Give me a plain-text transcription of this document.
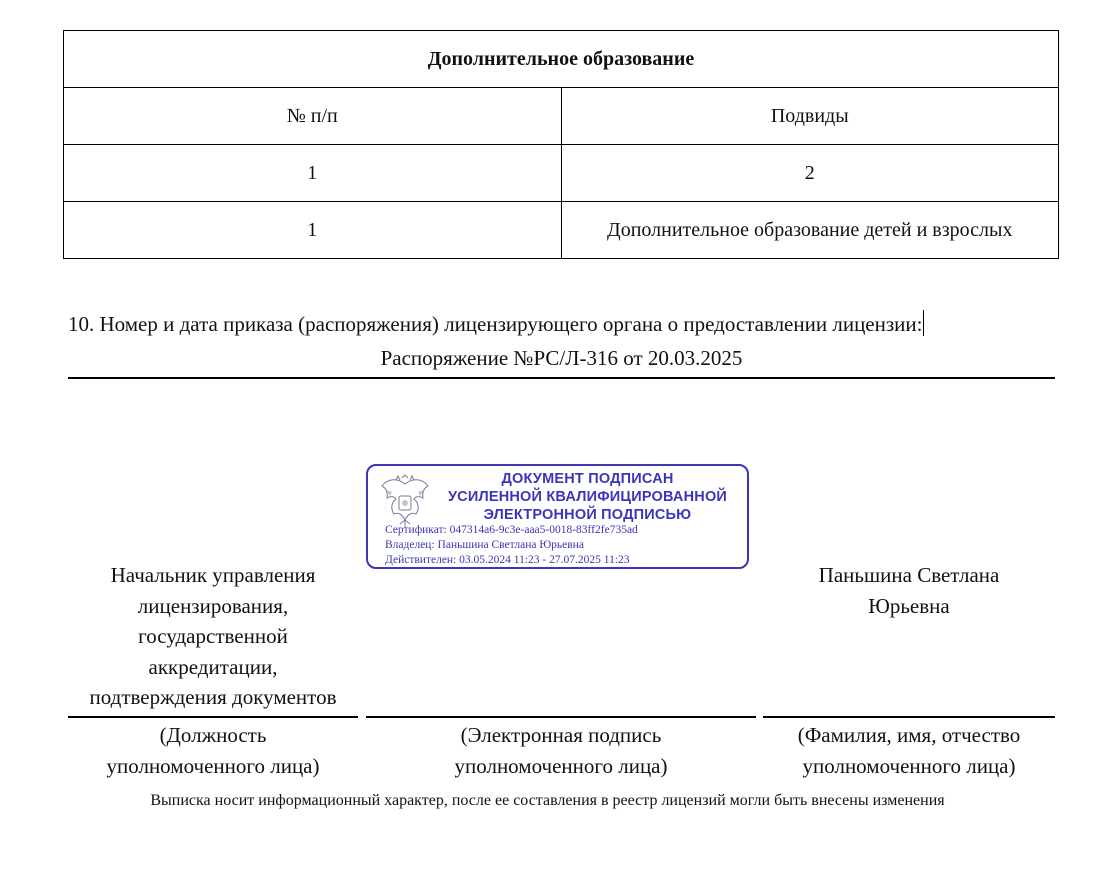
Дополнительное образование	
№ п/п	Подвиды
1	2
1	Дополнительное образование детей и взрослых
10. Номер и дата приказа (распоряжения) лицензирующего органа о предоставлении лицензии:
Распоряжение №РС/Л-316 от 20.03.2025
ДОКУМЕНТ ПОДПИСАН
УСИЛЕННОЙ КВАЛИФИЦИРОВАННОЙ
ЭЛЕКТРОННОЙ ПОДПИСЬЮ
Сертификат: 047314a6-9c3e-aaa5-0018-83ff2fe735ad
Владелец: Паньшина Светлана Юрьевна
Действителен: 03.05.2024 11:23 - 27.07.2025 11:23
Начальник управления
лицензирования,
государственной
аккредитации,
подтверждения документов
Паньшина Светлана
Юрьевна
(Должность
уполномоченного лица)
(Электронная подпись
уполномоченного лица)
(Фамилия, имя, отчество
уполномоченного лица)
Выписка носит информационный характер, после ее составления в реестр лицензий могли быть внесены изменения
